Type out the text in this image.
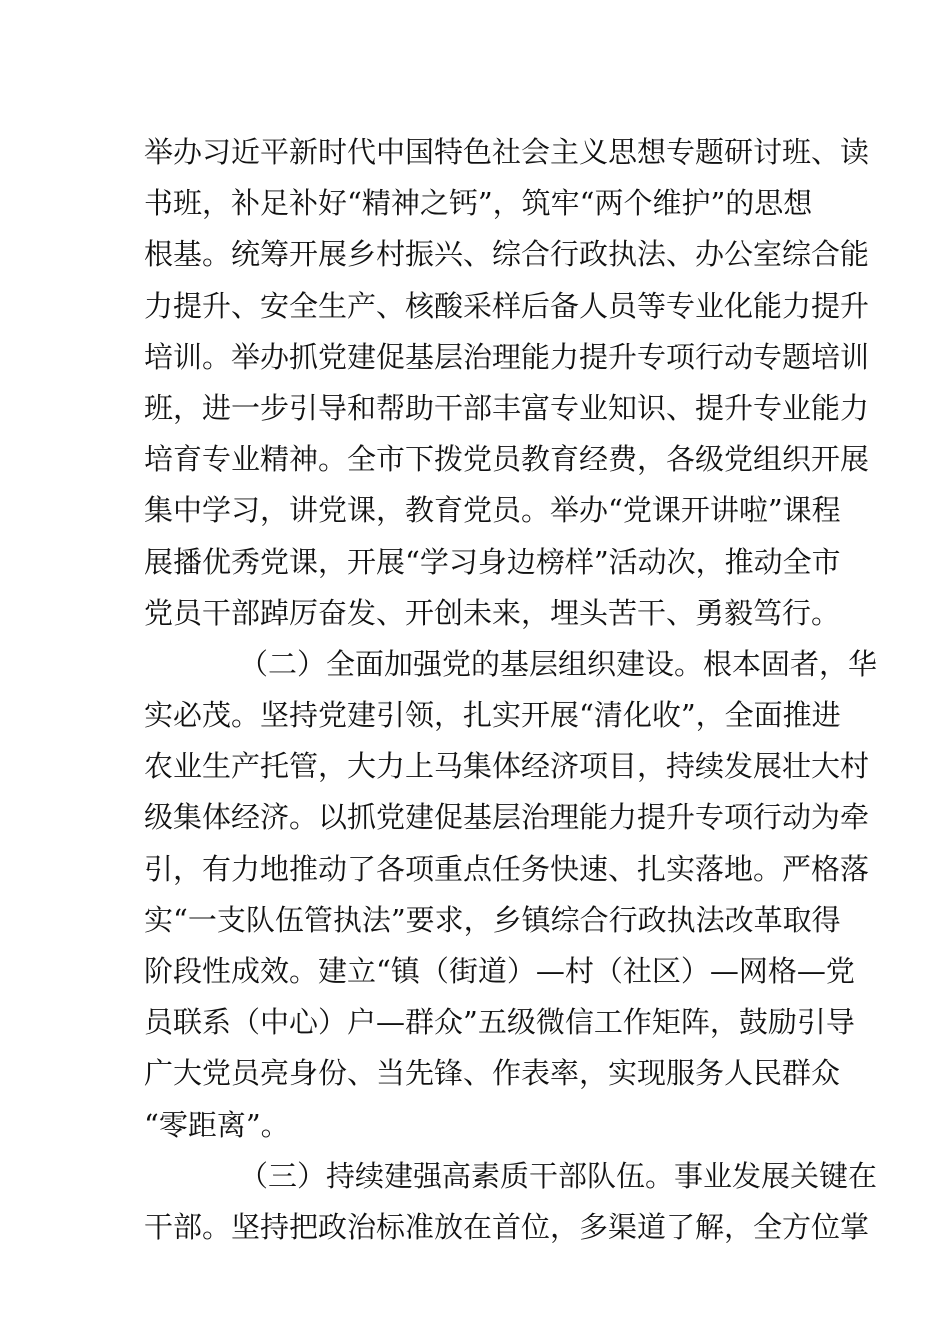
举办习近平新时代中国特色社会主义思想专题研讨班、读
书班，补足补好“精神之钙”，筑牢“两个维护”的思想
根基。统筹开展乡村振兴、综合行政执法、办公室综合能
力提升、安全生产、核酸采样后备人员等专业化能力提升
培训。举办抓党建促基层治理能力提升专项行动专题培训
班，进一步引导和帮助干部丰富专业知识、提升专业能力
培育专业精神。全市下拨党员教育经费，各级党组织开展
集中学习，讲党课，教育党员。举办“党课开讲啦”课程
展播优秀党课，开展“学习身边榜样”活动次，推动全市
党员干部踔厉奋发、开创未来，埋头苦干、勇毅笃行。
（二）全面加强党的基层组织建设。根本固者，华
实必茂。坚持党建引领，扎实开展“清化收”，全面推进
农业生产托管，大力上马集体经济项目，持续发展壮大村
级集体经济。以抓党建促基层治理能力提升专项行动为牵
引，有力地推动了各项重点任务快速、扎实落地。严格落
实“一支队伍管执法”要求，乡镇综合行政执法改革取得
阶段性成效。建立“镇（街道）—村（社区）—网格—党
员联系（中心）户—群众”五级微信工作矩阵，鼓励引导
广大党员亮身份、当先锋、作表率，实现服务人民群众
“零距离”。
（三）持续建强高素质干部队伍。事业发展关键在
干部。坚持把政治标准放在首位，多渠道了解，全方位掌
